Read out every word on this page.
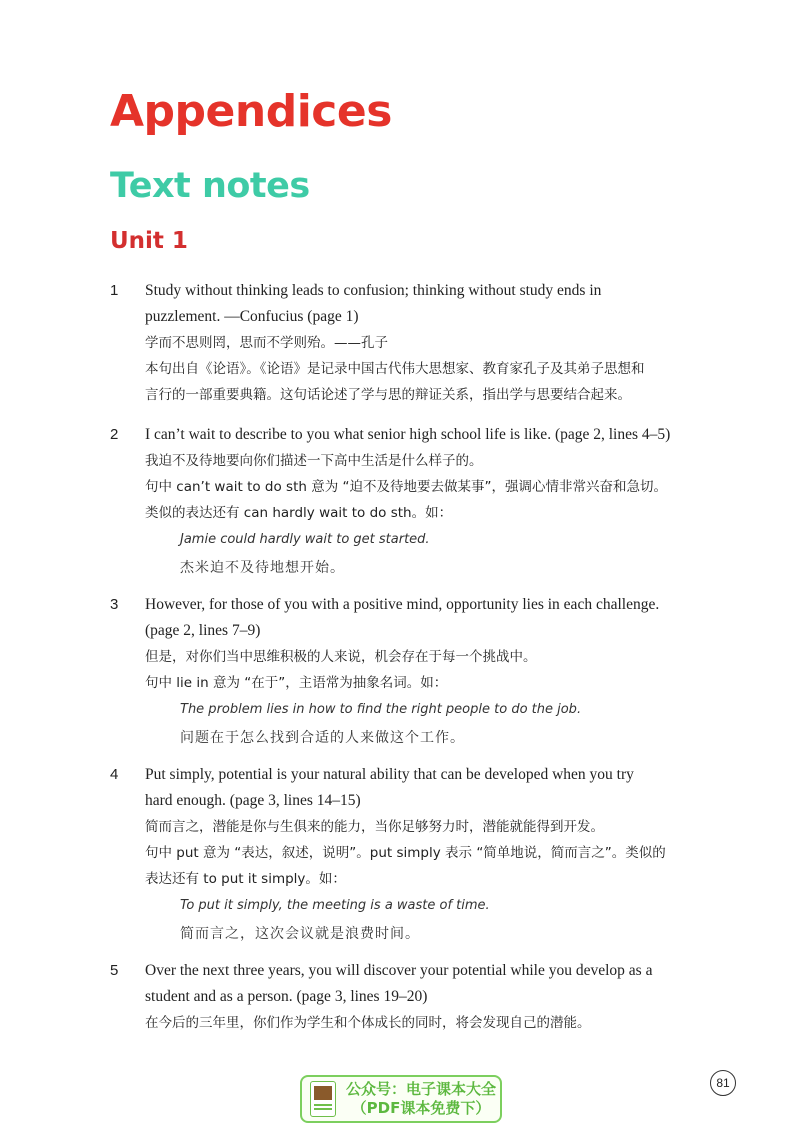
Appendices
Text notes
Unit 1
1 Study without thinking leads to confusion; thinking without study ends in

puzzlement. —Confucius (page 1)

学而不思则罔，思而不学则殆。——孔子

本句出自《论语》。《论语》是记录中国古代伟大思想家、教育家孔子及其弟子思想和

言行的一部重要典籍。这句话论述了学与思的辩证关系，指出学与思要结合起来。

2 I can’t wait to describe to you what senior high school life is like. (page 2, lines 4–5)

我迫不及待地要向你们描述一下高中生活是什么样子的。

句中 can’t wait to do sth 意为 “迫不及待地要去做某事”，强调心情非常兴奋和急切。

类似的表达还有 can hardly wait to do sth。如：

Jamie could hardly wait to get started.

杰米迫不及待地想开始。

3 However, for those of you with a positive mind, opportunity lies in each challenge.

(page 2, lines 7–9)

但是，对你们当中思维积极的人来说，机会存在于每一个挑战中。

句中 lie in 意为 “在于”，主语常为抽象名词。如：

The problem lies in how to find the right people to do the job.

问题在于怎么找到合适的人来做这个工作。

4 Put simply, potential is your natural ability that can be developed when you try

hard enough. (page 3, lines 14–15)

简而言之，潜能是你与生俱来的能力，当你足够努力时，潜能就能得到开发。

句中 put 意为 “表达，叙述，说明”。put simply 表示 “简单地说，简而言之”。类似的

表达还有 to put it simply。如：

To put it simply, the meeting is a waste of time.

简而言之，这次会议就是浪费时间。

5 Over the next three years, you will discover your potential while you develop as a

student and as a person. (page 3, lines 19–20)

在今后的三年里，你们作为学生和个体成长的同时，将会发现自己的潜能。

公众号：电子课本大全
（PDF课本免费下）
81
